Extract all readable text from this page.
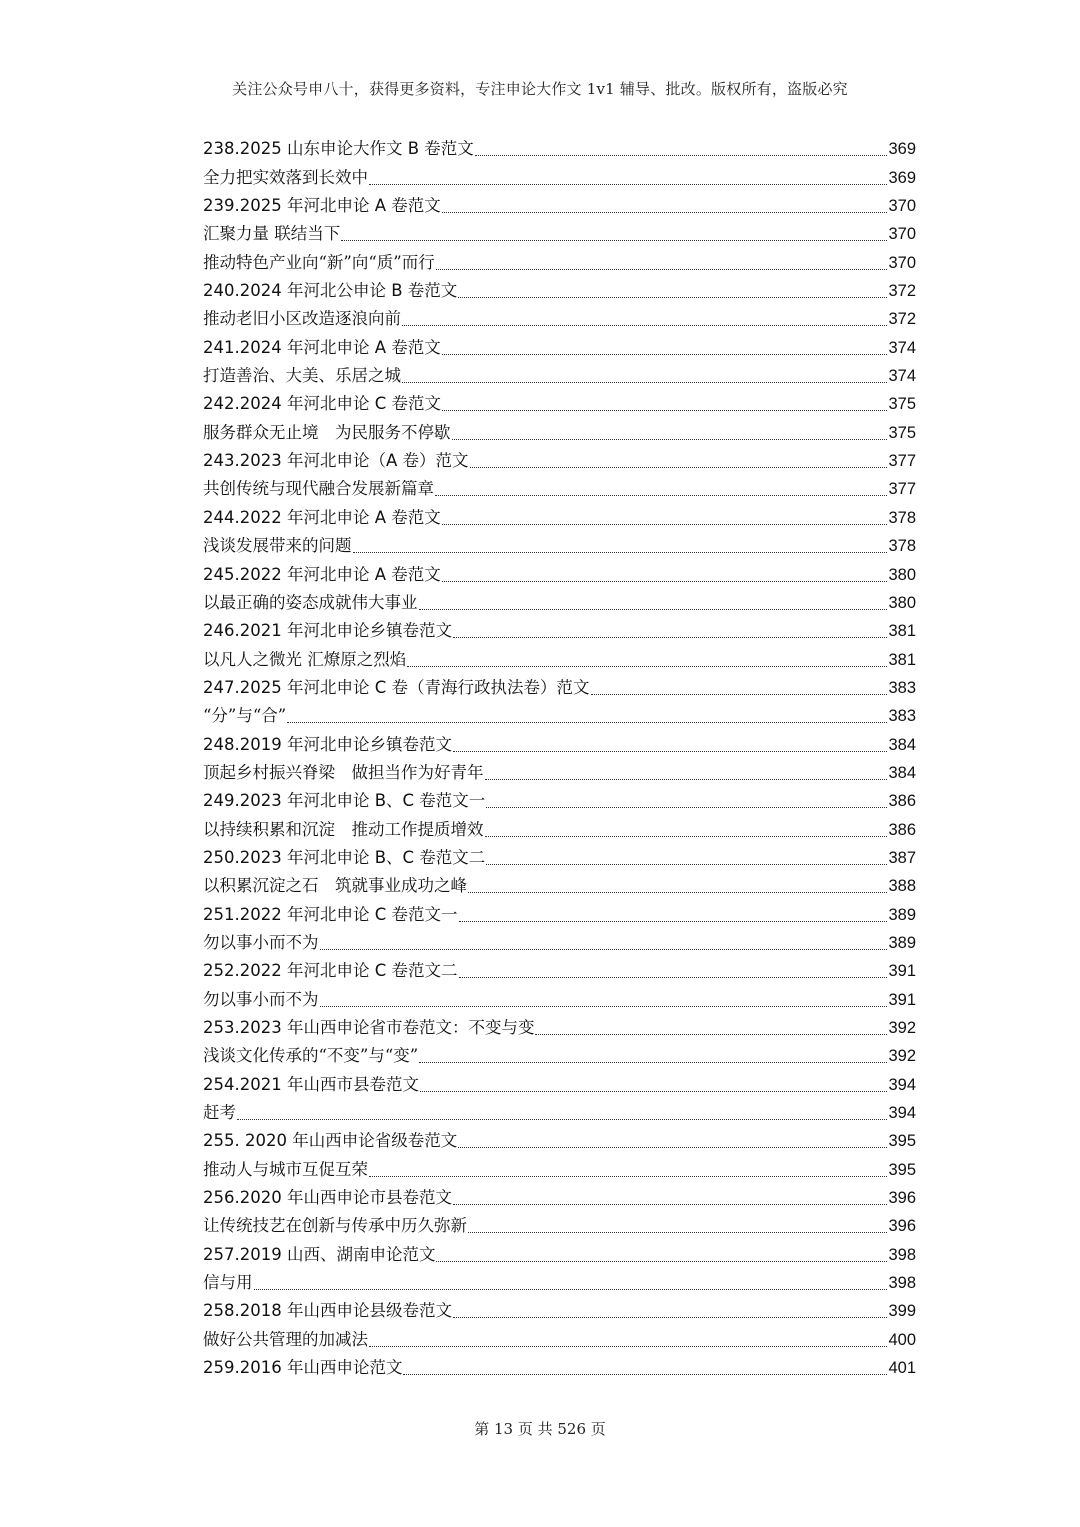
关注公众号申八十，获得更多资料，专注申论大作文 1v1 辅导、批改。版权所有，盗版必究
238.2025 山东申论大作文 B 卷范文	369
全力把实效落到长效中	369
239.2025 年河北申论 A 卷范文	370
汇聚力量 联结当下	370
推动特色产业向“新”向“质”而行	370
240.2024 年河北公申论 B 卷范文	372
推动老旧小区改造逐浪向前	372
241.2024 年河北申论 A 卷范文	374
打造善治、大美、乐居之城	374
242.2024 年河北申论 C 卷范文	375
服务群众无止境　为民服务不停歇	375
243.2023 年河北申论（A 卷）范文	377
共创传统与现代融合发展新篇章	377
244.2022 年河北申论 A 卷范文	378
浅谈发展带来的问题	378
245.2022 年河北申论 A 卷范文	380
以最正确的姿态成就伟大事业	380
246.2021 年河北申论乡镇卷范文	381
以凡人之微光 汇燎原之烈焰	381
247.2025 年河北申论 C 卷（青海行政执法卷）范文	383
“分”与“合”	383
248.2019 年河北申论乡镇卷范文	384
顶起乡村振兴脊梁　做担当作为好青年	384
249.2023 年河北申论 B、C 卷范文一	386
以持续积累和沉淀　推动工作提质增效	386
250.2023 年河北申论 B、C 卷范文二	387
以积累沉淀之石　筑就事业成功之峰	388
251.2022 年河北申论 C 卷范文一	389
勿以事小而不为	389
252.2022 年河北申论 C 卷范文二	391
勿以事小而不为	391
253.2023 年山西申论省市卷范文：不变与变	392
浅谈文化传承的“不变”与“变”	392
254.2021 年山西市县卷范文	394
赶考	394
255. 2020 年山西申论省级卷范文	395
推动人与城市互促互荣	395
256.2020 年山西申论市县卷范文	396
让传统技艺在创新与传承中历久弥新	396
257.2019 山西、湖南申论范文	398
信与用	398
258.2018 年山西申论县级卷范文	399
做好公共管理的加减法	400
259.2016 年山西申论范文	401
第 13 页 共 526 页
